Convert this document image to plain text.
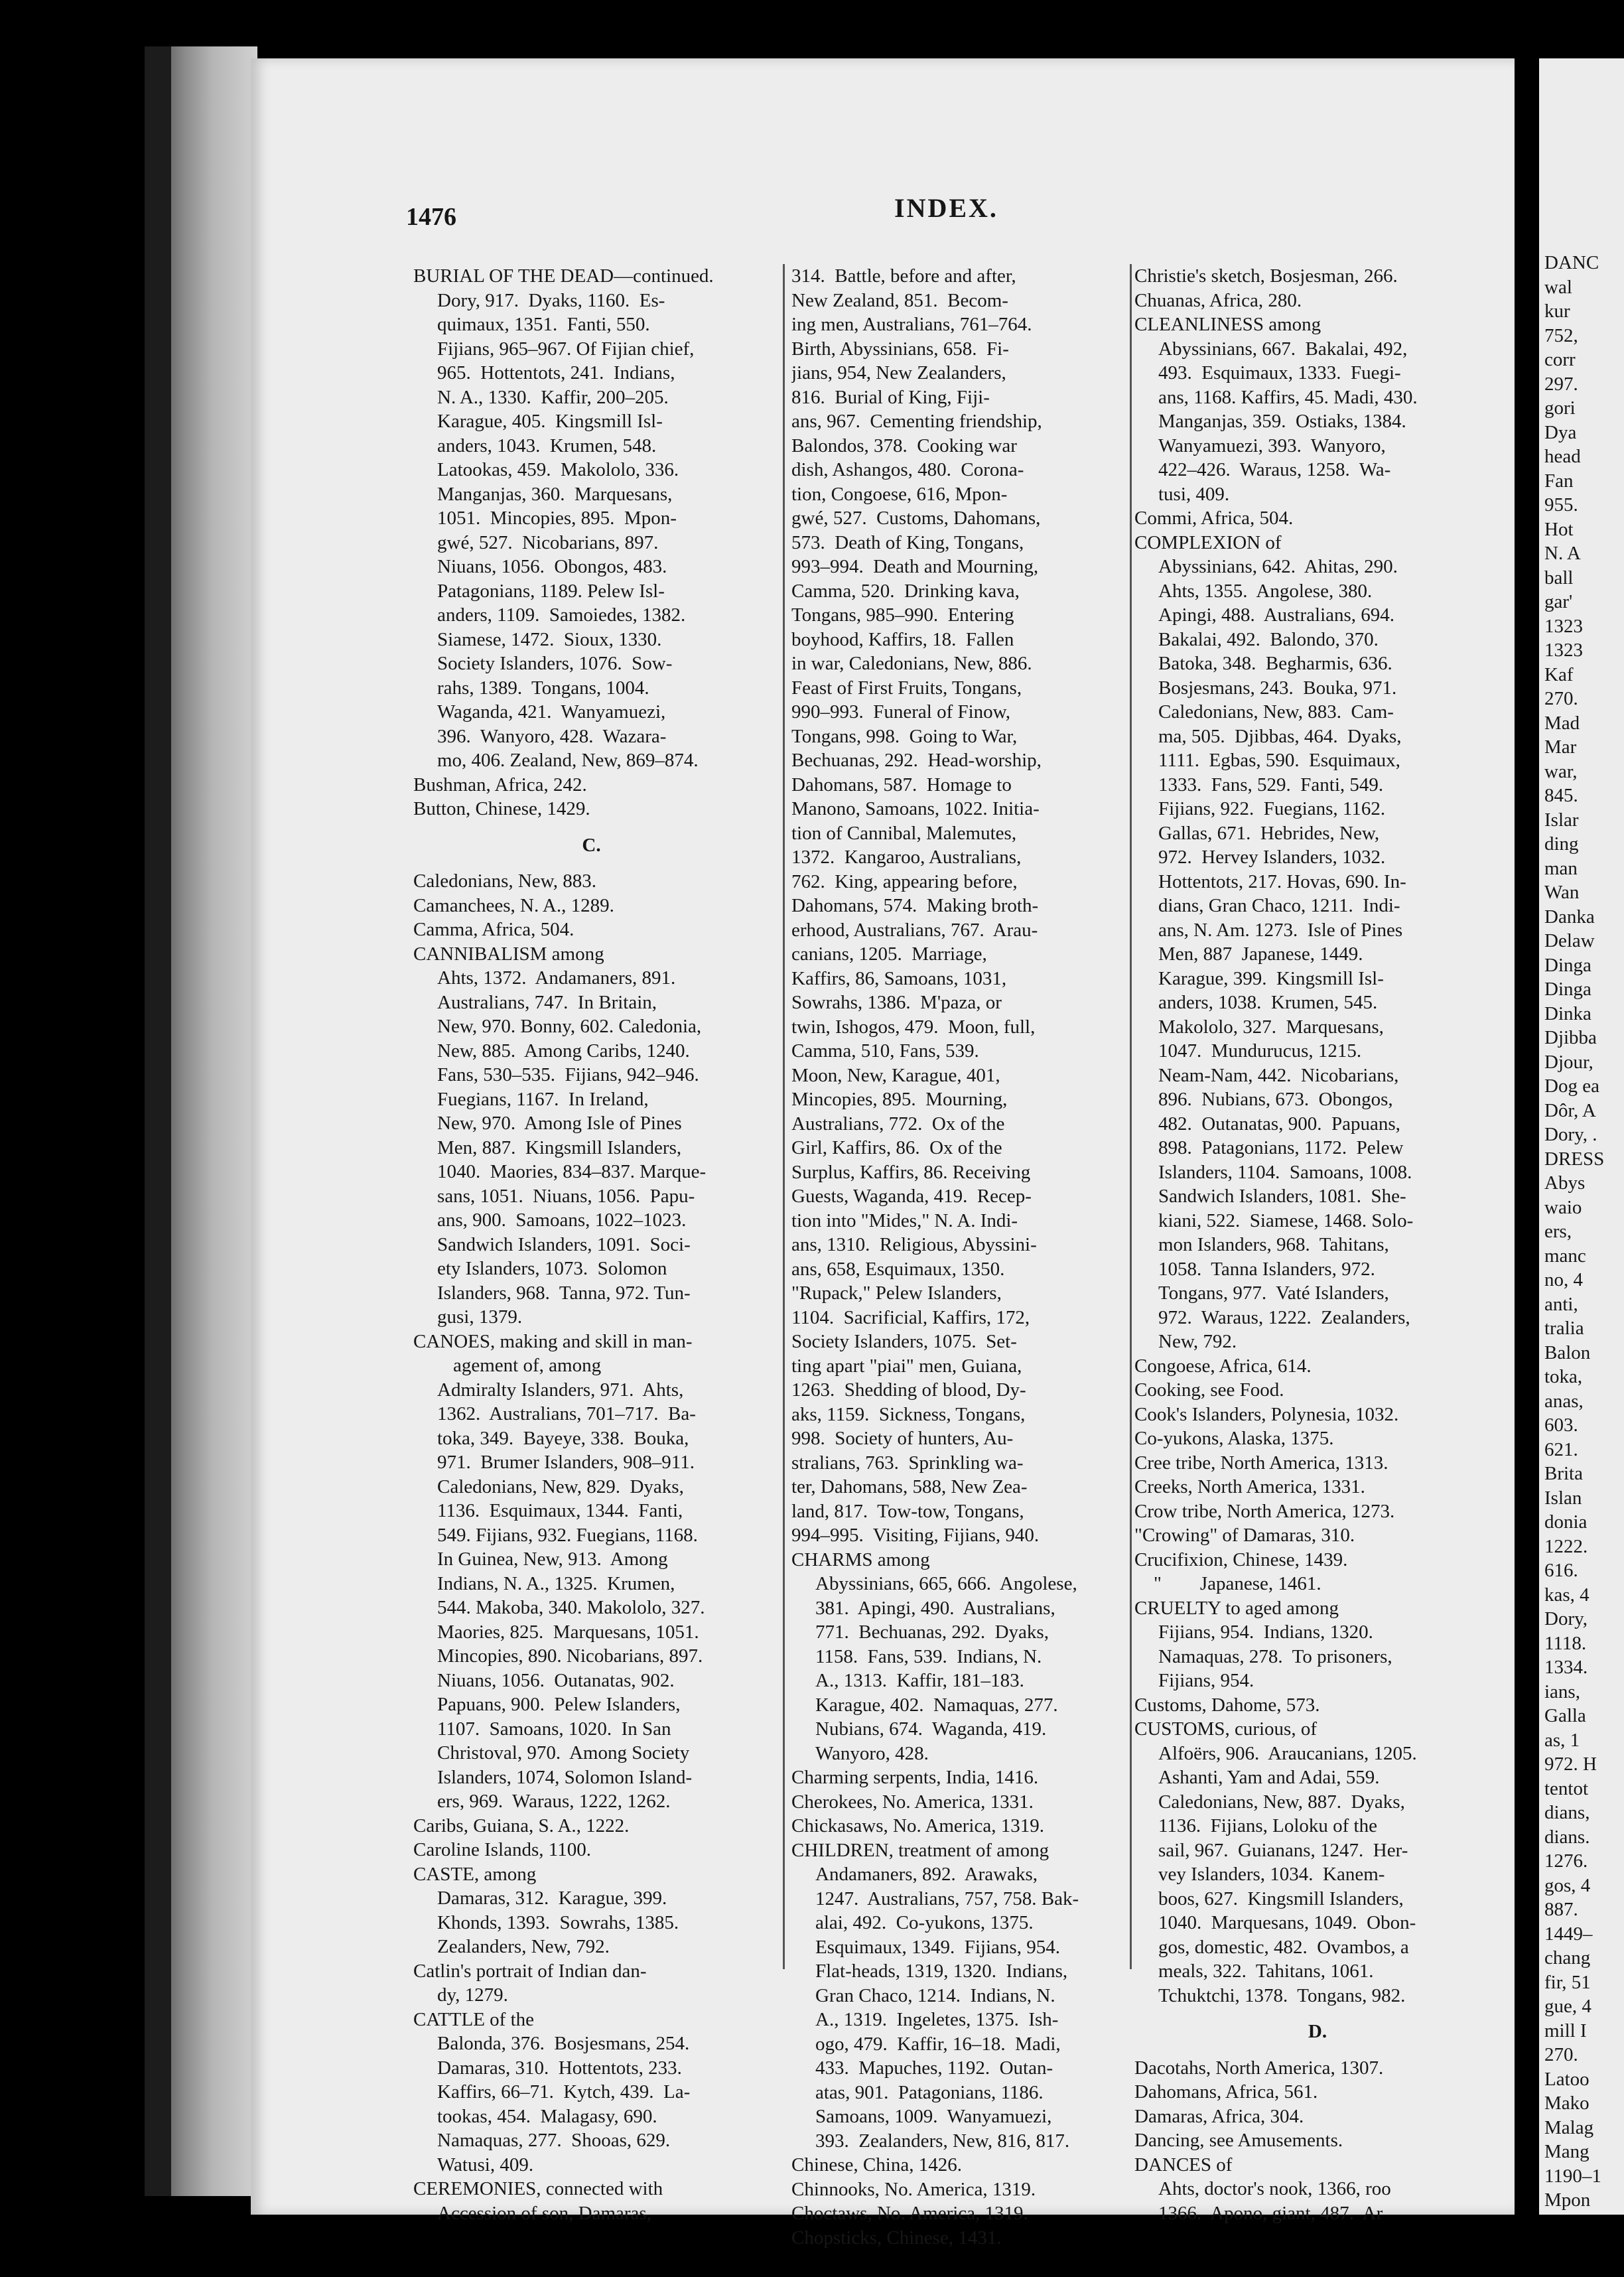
DANC
wal
kur
752,
corr
297.
gori
Dya
head
Fan
955.
Hot
N. A
ball
gar'
1323
1323
Kaf
270.
Mad
Mar
war,
845.
Islar
ding
man
Wan
Danka
Delaw
Dinga
Dinga
Dinka
Djibba
Djour,
Dog ea
Dôr, A
Dory, .
DRESS
Abys
waio
ers,
manc
no, 4
anti,
tralia
Balon
toka,
anas,
603.
621.
Brita
Islan
donia
1222.
616.
kas, 4
Dory,
1118.
1334.
ians,
Galla
as, 1
972. H
tentot
dians,
dians.
1276.
gos, 4
887.
1449–
chang
fir, 51
gue, 4
mill I
270.
Latoo
Mako
Malag
Mang
1190–1
Mpon
1476	INDEX.
BURIAL OF THE DEAD—continued.
Dory, 917.  Dyaks, 1160.  Es-
quimaux, 1351.  Fanti, 550.
Fijians, 965–967. Of Fijian chief,
965.  Hottentots, 241.  Indians,
N. A., 1330.  Kaffir, 200–205.
Karague, 405.  Kingsmill Isl-
anders, 1043.  Krumen, 548.
Latookas, 459.  Makololo, 336.
Manganjas, 360.  Marquesans,
1051.  Mincopies, 895.  Mpon-
gwé, 527.  Nicobarians, 897.
Niuans, 1056.  Obongos, 483.
Patagonians, 1189. Pelew Isl-
anders, 1109.  Samoiedes, 1382.
Siamese, 1472.  Sioux, 1330.
Society Islanders, 1076.  Sow-
rahs, 1389.  Tongans, 1004.
Waganda, 421.  Wanyamuezi,
396.  Wanyoro, 428.  Wazara-
mo, 406. Zealand, New, 869–874.
Bushman, Africa, 242.
Button, Chinese, 1429.
C.
Caledonians, New, 883.
Camanchees, N. A., 1289.
Camma, Africa, 504.
CANNIBALISM among
Ahts, 1372.  Andamaners, 891.
Australians, 747.  In Britain,
New, 970. Bonny, 602. Caledonia,
New, 885.  Among Caribs, 1240.
Fans, 530–535.  Fijians, 942–946.
Fuegians, 1167.  In Ireland,
New, 970.  Among Isle of Pines
Men, 887.  Kingsmill Islanders,
1040.  Maories, 834–837. Marque-
sans, 1051.  Niuans, 1056.  Papu-
ans, 900.  Samoans, 1022–1023.
Sandwich Islanders, 1091.  Soci-
ety Islanders, 1073.  Solomon
Islanders, 968.  Tanna, 972. Tun-
gusi, 1379.
CANOES, making and skill in man-
agement of, among
Admiralty Islanders, 971.  Ahts,
1362.  Australians, 701–717.  Ba-
toka, 349.  Bayeye, 338.  Bouka,
971.  Brumer Islanders, 908–911.
Caledonians, New, 829.  Dyaks,
1136.  Esquimaux, 1344.  Fanti,
549. Fijians, 932. Fuegians, 1168.
In Guinea, New, 913.  Among
Indians, N. A., 1325.  Krumen,
544. Makoba, 340. Makololo, 327.
Maories, 825.  Marquesans, 1051.
Mincopies, 890. Nicobarians, 897.
Niuans, 1056.  Outanatas, 902.
Papuans, 900.  Pelew Islanders,
1107.  Samoans, 1020.  In San
Christoval, 970.  Among Society
Islanders, 1074, Solomon Island-
ers, 969.  Waraus, 1222, 1262.
Caribs, Guiana, S. A., 1222.
Caroline Islands, 1100.
CASTE, among
Damaras, 312.  Karague, 399.
Khonds, 1393.  Sowrahs, 1385.
Zealanders, New, 792.
Catlin's portrait of Indian dan-
dy, 1279.
CATTLE of the
Balonda, 376.  Bosjesmans, 254.
Damaras, 310.  Hottentots, 233.
Kaffirs, 66–71.  Kytch, 439.  La-
tookas, 454.  Malagasy, 690.
Namaquas, 277.  Shooas, 629.
Watusi, 409.
CEREMONIES, connected with
Accession of son, Damaras,
314.  Battle, before and after,
New Zealand, 851.  Becom-
ing men, Australians, 761–764.
Birth, Abyssinians, 658.  Fi-
jians, 954, New Zealanders,
816.  Burial of King, Fiji-
ans, 967.  Cementing friendship,
Balondos, 378.  Cooking war
dish, Ashangos, 480.  Corona-
tion, Congoese, 616, Mpon-
gwé, 527.  Customs, Dahomans,
573.  Death of King, Tongans,
993–994.  Death and Mourning,
Camma, 520.  Drinking kava,
Tongans, 985–990.  Entering
boyhood, Kaffirs, 18.  Fallen
in war, Caledonians, New, 886.
Feast of First Fruits, Tongans,
990–993.  Funeral of Finow,
Tongans, 998.  Going to War,
Bechuanas, 292.  Head-worship,
Dahomans, 587.  Homage to
Manono, Samoans, 1022. Initia-
tion of Cannibal, Malemutes,
1372.  Kangaroo, Australians,
762.  King, appearing before,
Dahomans, 574.  Making broth-
erhood, Australians, 767.  Arau-
canians, 1205.  Marriage,
Kaffirs, 86, Samoans, 1031,
Sowrahs, 1386.  M'paza, or
twin, Ishogos, 479.  Moon, full,
Camma, 510, Fans, 539.
Moon, New, Karague, 401,
Mincopies, 895.  Mourning,
Australians, 772.  Ox of the
Girl, Kaffirs, 86.  Ox of the
Surplus, Kaffirs, 86. Receiving
Guests, Waganda, 419.  Recep-
tion into "Mides," N. A. Indi-
ans, 1310.  Religious, Abyssini-
ans, 658, Esquimaux, 1350.
"Rupack," Pelew Islanders,
1104.  Sacrificial, Kaffirs, 172,
Society Islanders, 1075.  Set-
ting apart "piai" men, Guiana,
1263.  Shedding of blood, Dy-
aks, 1159.  Sickness, Tongans,
998.  Society of hunters, Au-
stralians, 763.  Sprinkling wa-
ter, Dahomans, 588, New Zea-
land, 817.  Tow-tow, Tongans,
994–995.  Visiting, Fijians, 940.
CHARMS among
Abyssinians, 665, 666.  Angolese,
381.  Apingi, 490.  Australians,
771.  Bechuanas, 292.  Dyaks,
1158.  Fans, 539.  Indians, N.
A., 1313.  Kaffir, 181–183.
Karague, 402.  Namaquas, 277.
Nubians, 674.  Waganda, 419.
Wanyoro, 428.
Charming serpents, India, 1416.
Cherokees, No. America, 1331.
Chickasaws, No. America, 1319.
CHILDREN, treatment of among
Andamaners, 892.  Arawaks,
1247.  Australians, 757, 758. Bak-
alai, 492.  Co-yukons, 1375.
Esquimaux, 1349.  Fijians, 954.
Flat-heads, 1319, 1320.  Indians,
Gran Chaco, 1214.  Indians, N.
A., 1319.  Ingeletes, 1375.  Ish-
ogo, 479.  Kaffir, 16–18.  Madi,
433.  Mapuches, 1192.  Outan-
atas, 901.  Patagonians, 1186.
Samoans, 1009.  Wanyamuezi,
393.  Zealanders, New, 816, 817.
Chinese, China, 1426.
Chinnooks, No. America, 1319.
Choctaws, No. America, 1319.
Chopsticks, Chinese, 1431.
Christie's sketch, Bosjesman, 266.
Chuanas, Africa, 280.
CLEANLINESS among
Abyssinians, 667.  Bakalai, 492,
493.  Esquimaux, 1333.  Fuegi-
ans, 1168. Kaffirs, 45. Madi, 430.
Manganjas, 359.  Ostiaks, 1384.
Wanyamuezi, 393.  Wanyoro,
422–426.  Waraus, 1258.  Wa-
tusi, 409.
Commi, Africa, 504.
COMPLEXION of
Abyssinians, 642.  Ahitas, 290.
Ahts, 1355.  Angolese, 380.
Apingi, 488.  Australians, 694.
Bakalai, 492.  Balondo, 370.
Batoka, 348.  Begharmis, 636.
Bosjesmans, 243.  Bouka, 971.
Caledonians, New, 883.  Cam-
ma, 505.  Djibbas, 464.  Dyaks,
1111.  Egbas, 590.  Esquimaux,
1333.  Fans, 529.  Fanti, 549.
Fijians, 922.  Fuegians, 1162.
Gallas, 671.  Hebrides, New,
972.  Hervey Islanders, 1032.
Hottentots, 217. Hovas, 690. In-
dians, Gran Chaco, 1211.  Indi-
ans, N. Am. 1273.  Isle of Pines
Men, 887  Japanese, 1449.
Karague, 399.  Kingsmill Isl-
anders, 1038.  Krumen, 545.
Makololo, 327.  Marquesans,
1047.  Mundurucus, 1215.
Neam-Nam, 442.  Nicobarians,
896.  Nubians, 673.  Obongos,
482.  Outanatas, 900.  Papuans,
898.  Patagonians, 1172.  Pelew
Islanders, 1104.  Samoans, 1008.
Sandwich Islanders, 1081.  She-
kiani, 522.  Siamese, 1468. Solo-
mon Islanders, 968.  Tahitans,
1058.  Tanna Islanders, 972.
Tongans, 977.  Vaté Islanders,
972.  Waraus, 1222.  Zealanders,
New, 792.
Congoese, Africa, 614.
Cooking, see Food.
Cook's Islanders, Polynesia, 1032.
Co-yukons, Alaska, 1375.
Cree tribe, North America, 1313.
Creeks, North America, 1331.
Crow tribe, North America, 1273.
"Crowing" of Damaras, 310.
Crucifixion, Chinese, 1439.
"        Japanese, 1461.
CRUELTY to aged among
Fijians, 954.  Indians, 1320.
Namaquas, 278.  To prisoners,
Fijians, 954.
Customs, Dahome, 573.
CUSTOMS, curious, of
Alfoërs, 906.  Araucanians, 1205.
Ashanti, Yam and Adai, 559.
Caledonians, New, 887.  Dyaks,
1136.  Fijians, Loloku of the
sail, 967.  Guianans, 1247.  Her-
vey Islanders, 1034.  Kanem-
boos, 627.  Kingsmill Islanders,
1040.  Marquesans, 1049.  Obon-
gos, domestic, 482.  Ovambos, a
meals, 322.  Tahitans, 1061.
Tchuktchi, 1378.  Tongans, 982.
D.
Dacotahs, North America, 1307.
Dahomans, Africa, 561.
Damaras, Africa, 304.
Dancing, see Amusements.
DANCES of
Ahts, doctor's nook, 1366, roo
1366.  Apono, giant, 487.  Ar
